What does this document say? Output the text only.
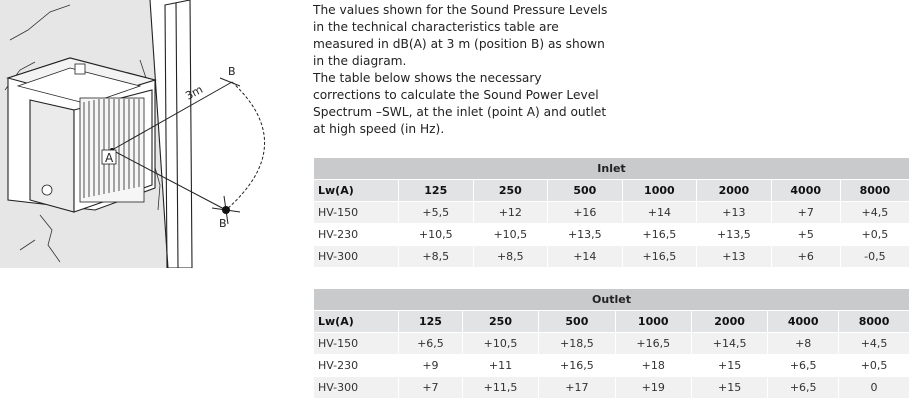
A
B
B
3m

The values shown for the Sound Pressure Levels in the technical characteristics table are measured in dB(A) at 3 m (position B) as shown in the diagram.

The table below shows the necessary corrections to calculate the Sound Power Level Spectrum –SWL, at the inlet (point A) and outlet at high speed (in Hz).

Inlet							
Lw(A)	125	250	500	1000	2000	4000	8000
HV-150	+5,5	+12	+16	+14	+13	+7	+4,5
HV-230	+10,5	+10,5	+13,5	+16,5	+13,5	+5	+0,5
HV-300	+8,5	+8,5	+14	+16,5	+13	+6	-0,5
Outlet							
Lw(A)	125	250	500	1000	2000	4000	8000
HV-150	+6,5	+10,5	+18,5	+16,5	+14,5	+8	+4,5
HV-230	+9	+11	+16,5	+18	+15	+6,5	+0,5
HV-300	+7	+11,5	+17	+19	+15	+6,5	0
